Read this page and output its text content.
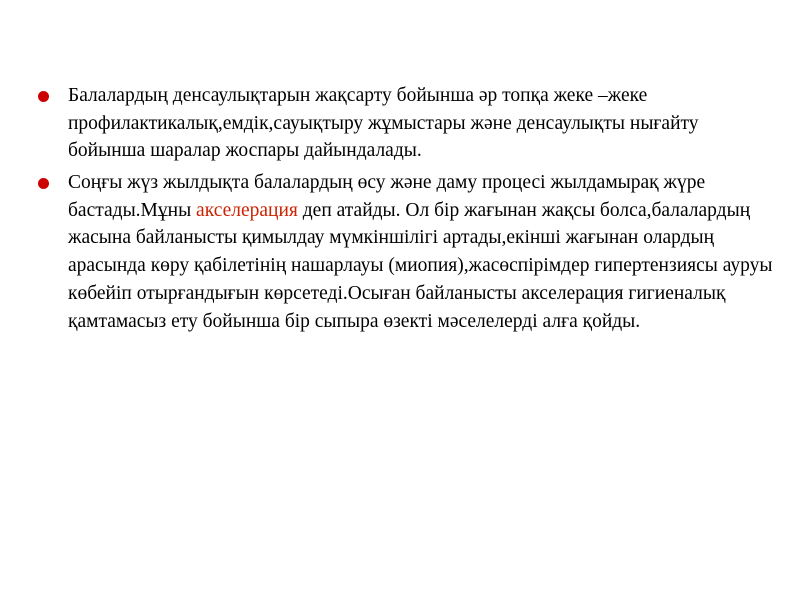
Балалардың денсаулықтарын жақсарту бойынша әр топқа жеке –жеке профилактикалық,емдік,сауықтыру жұмыстары және денсаулықты нығайту бойынша шаралар жоспары дайындалады.
Соңғы жүз жылдықта балалардың өсу және даму процесі жылдамырақ жүре бастады.Мұны акселерация деп атайды. Ол бір жағынан жақсы болса,балалардың жасына байланысты қимылдау мүмкіншілігі артады,екінші жағынан олардың арасында көру қабілетінің нашарлауы (миопия),жасөспірімдер гипертензиясы ауруы көбейіп отырғандығын көрсетеді.Осыған байланысты акселерация гигиеналық қамтамасыз ету бойынша бір сыпыра өзекті мәселелерді алға қойды.
